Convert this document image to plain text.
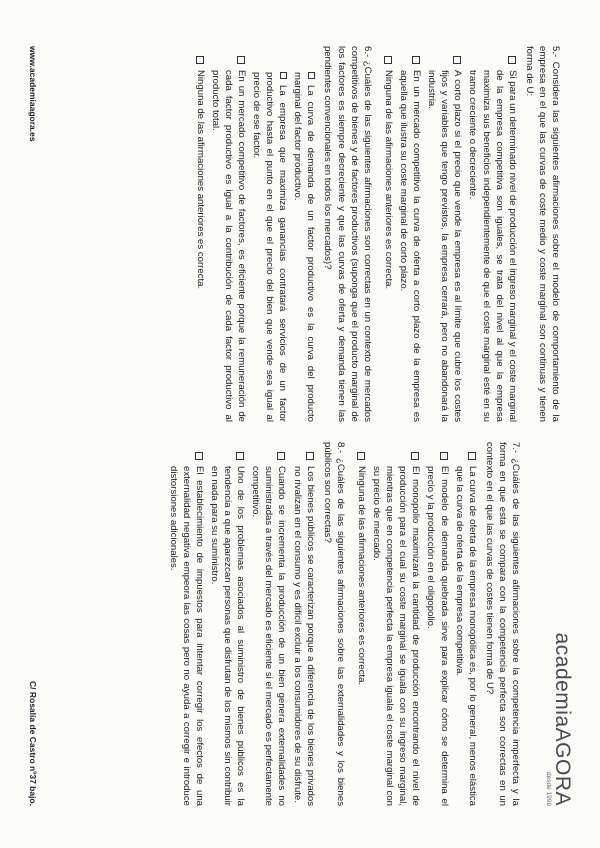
5.- Considera las siguientes afirmaciones sobre el modelo de comportamiento de la empresa en el que las curvas de coste medio y coste marginal son continuas y tienen forma de U:

Si para un determinado nivel de producción el ingreso marginal y el coste marginal de la empresa competitiva son iguales, se trata del nivel al que la empresa maximiza sus beneficios independientemente de que el coste marginal esté en su tramo creciente o decreciente.
A corto plazo si el precio que vende la empresa es al límite que cubre los costes fijos y variables que tengo previstos, la empresa cerrará, pero no abandonará la industria.
En un mercado competitivo la curva de oferta a corto plazo de la empresa es aquella que ilustra su coste marginal de corto plazo.
Ninguna de las afirmaciones anteriores es correcta.

6.- ¿Cuáles de las siguientes afirmaciones son correctas en un contexto de mercados competitivos de bienes y de factores productivos (suponga que el producto marginal de los factores es siempre decreciente y que las curvas de oferta y demanda tienen las pendientes convencionales en todos los mercados)?

La curva de demanda de un factor productivo es la curva del producto marginal del factor productivo.
La empresa que maximiza ganancias contratará servicios de un factor productivo hasta el punto en el que el precio del bien que vende sea igual al precio de ese factor.
En un mercado competitivo de factores, es eficiente porque la remuneración de cada factor productivo es igual a la contribución de cada factor productivo al producto total.
Ninguna de las afirmaciones anteriores es correcta.

7.- ¿Cuáles de las siguientes afirmaciones sobre la competencia imperfecta y la forma en que esta se compara con la competencia perfecta son correctas en un contexto en el que las curvas de costes tienen forma de U?

La curva de oferta de la empresa monopólica es, por lo general, menos elástica que la curva de oferta de la empresa competitiva.
El modelo de demanda quebrada sirve para explicar cómo se determina el precio y la producción en el oligopolio.
El monopolio maximizará la cantidad de producción encontrando el nivel de producción para el cual su coste marginal se iguala con su ingreso marginal, mientras que en competencia perfecta la empresa iguala el coste marginal con su precio de mercado.
Ninguna de las afirmaciones anteriores es correcta.

8.- ¿Cuáles de las siguientes afirmaciones sobre las externalidades y los bienes públicos son correctas?

Los bienes públicos se caracterizan porque a diferencia de los bienes privados no rivalizan en el consumo y es difícil excluir a los consumidores de su disfrute.
Cuando se incrementa la producción de un bien genera externalidades no suministradas a través del mercado es eficiente si el mercado es perfectamente competitivo.
Uno de los problemas asociados al suministro de bienes públicos es la tendencia a que aparezcan personas que disfrutan de los mismos sin contribuir en nada para su suministro.
El establecimiento de impuestos para intentar corregir los efectos de una externalidad negativa empeora las cosas pero no ayuda a corregir e introduce distorsiones adicionales.
academiaAGORA
desde 1999
www.academiaagora.es
C/ Rosalía de Castro nº37 bajo.
